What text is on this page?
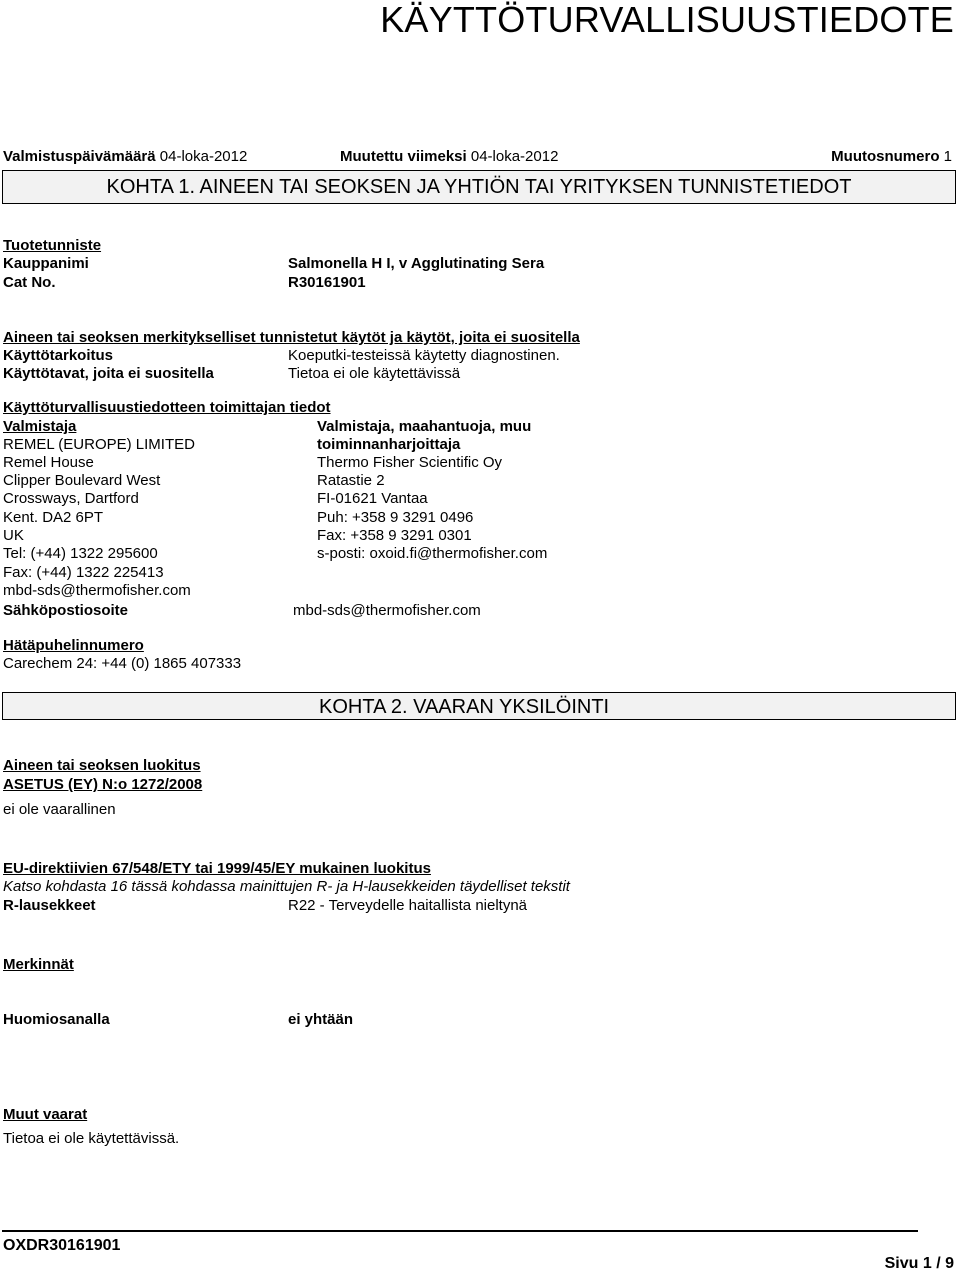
KÄYTTÖTURVALLISUUSTIEDOTE
Valmistuspäivämäärä 04-loka-2012	Muutettu viimeksi 04-loka-2012	Muutosnumero 1
KOHTA 1. AINEEN TAI SEOKSEN JA YHTIÖN TAI YRITYKSEN TUNNISTETIEDOT
Tuotetunniste
Kauppanimi	Salmonella H I, v Agglutinating Sera
Cat No.	R30161901
Aineen tai seoksen merkitykselliset tunnistetut käytöt ja käytöt, joita ei suositella
Käyttötarkoitus	Koeputki-testeissä käytetty diagnostinen.
Käyttötavat, joita ei suositella	Tietoa ei ole käytettävissä
Käyttöturvallisuustiedotteen toimittajan tiedot
Valmistaja
REMEL (EUROPE) LIMITED
Remel House
Clipper Boulevard West
Crossways, Dartford
Kent. DA2 6PT
UK
Tel: (+44) 1322 295600
Fax: (+44) 1322 225413
mbd-sds@thermofisher.com
Valmistaja, maahantuoja, muu
toiminnanharjoittaja
Thermo Fisher Scientific Oy
Ratastie 2
FI-01621 Vantaa
Puh: +358 9 3291 0496
Fax: +358 9 3291 0301
s-posti: oxoid.fi@thermofisher.com
Sähköpostiosoite	mbd-sds@thermofisher.com
Hätäpuhelinnumero
Carechem 24: +44 (0) 1865 407333
KOHTA 2. VAARAN YKSILÖINTI
Aineen tai seoksen luokitus
ASETUS (EY) N:o 1272/2008
ei ole vaarallinen
EU-direktiivien 67/548/ETY tai 1999/45/EY mukainen luokitus
Katso kohdasta 16 tässä kohdassa mainittujen R- ja H-lausekkeiden täydelliset tekstit
R-lausekkeet	R22 - Terveydelle haitallista nieltynä
Merkinnät
Huomiosanalla	ei yhtään
Muut vaarat
Tietoa ei ole käytettävissä.
OXDR30161901
Sivu 1 / 9
